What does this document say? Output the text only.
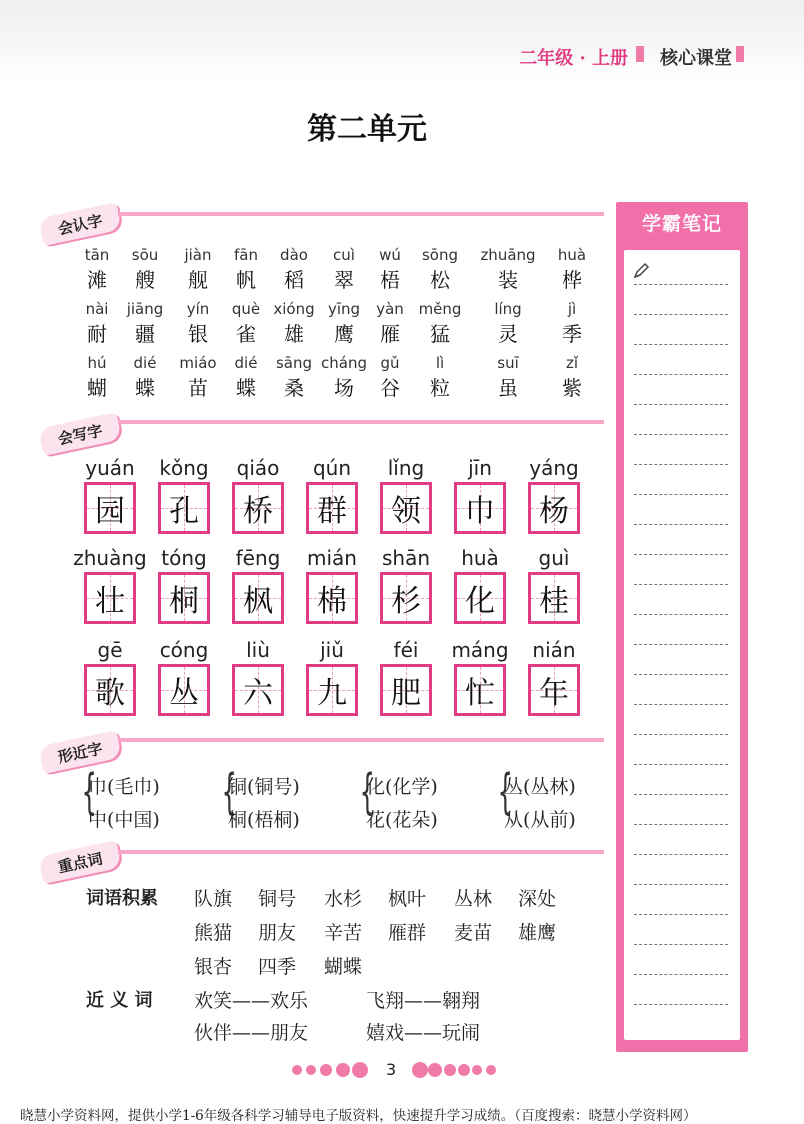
二年级 · 上册 核心课堂
第二单元
会认字
会写字
形近字
重点词
tān
滩
sōu
艘
jiàn
舰
fān
帆
dào
稻
cuì
翠
wú
梧
sōng
松
zhuāng
装
huà
桦
nài
耐
jiāng
疆
yín
银
què
雀
xióng
雄
yīng
鹰
yàn
雁
měng
猛
líng
灵
jì
季
hú
蝴
dié
蝶
miáo
苗
dié
蝶
sāng
桑
cháng
场
gǔ
谷
lì
粒
suī
虽
zǐ
紫
yuán
园
kǒng
孔
qiáo
桥
qún
群
lǐng
领
jīn
巾
yáng
杨
zhuàng
壮
tóng
桐
fēng
枫
mián
棉
shān
杉
huà
化
guì
桂
gē
歌
cóng
丛
liù
六
jiǔ
九
féi
肥
máng
忙
nián
年
{
巾(毛巾)
中(中国) {
铜(铜号)
桐(梧桐) {
化(化学)
花(花朵) {
丛(丛林)
从(从前)
词语积累 队旗 铜号 水杉 枫叶 丛林 深处
熊猫 朋友 辛苦 雁群 麦苗 雄鹰
银杏 四季 蝴蝶
近 义 词 欢笑——欢乐	飞翔——翱翔
伙伴——朋友	嬉戏——玩闹
学霸笔记
3
晓慧小学资料网，提供小学1-6年级各科学习辅导电子版资料，快速提升学习成绩。（百度搜索：晓慧小学资料网）
